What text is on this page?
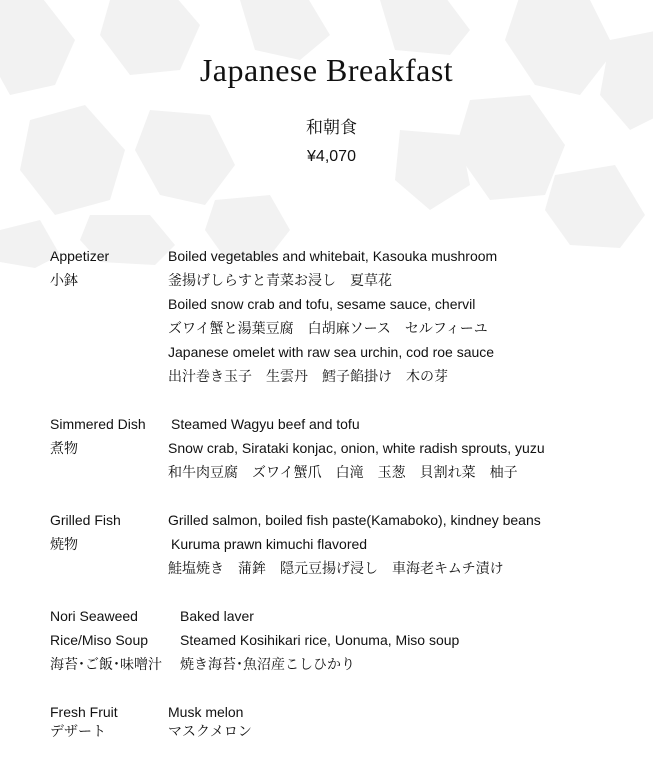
Japanese Breakfast
和朝食
¥4,070
Appetizer
小鉢
Boiled vegetables and whitebait, Kasouka mushroom
釜揚げしらすと青菜お浸し　夏草花
Boiled snow crab and tofu, sesame sauce, chervil
ズワイ蟹と湯葉豆腐　白胡麻ソース　セルフィーユ
Japanese omelet with raw sea urchin, cod roe sauce
出汁巻き玉子　生雲丹　鱈子餡掛け　木の芽
Simmered Dish
煮物
Steamed Wagyu beef and tofu
Snow crab, Sirataki konjac, onion, white radish sprouts, yuzu
和牛肉豆腐　ズワイ蟹爪　白滝　玉葱　貝割れ菜　柚子
Grilled Fish
焼物
Grilled salmon, boiled fish paste(Kamaboko), kindney beans
Kuruma prawn kimuchi flavored
鮭塩焼き　蒲鉾　隠元豆揚げ浸し　車海老キムチ漬け
Nori Seaweed
Rice/Miso Soup
海苔･ご飯･味噌汁
Baked laver
Steamed Kosihikari rice, Uonuma, Miso soup
焼き海苔･魚沼産こしひかり
Fresh Fruit
デザート
Musk melon
マスクメロン
